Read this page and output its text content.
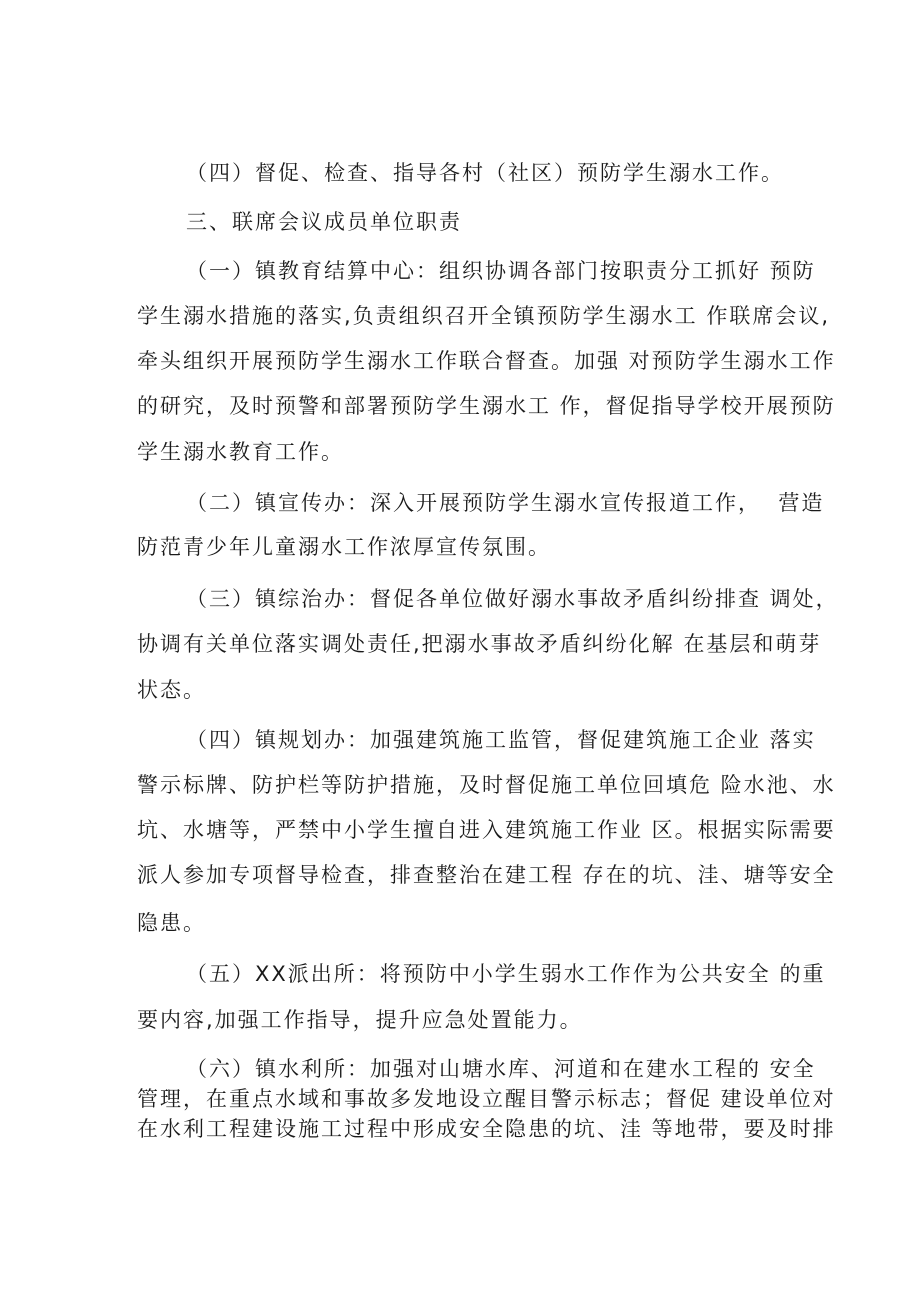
（四）督促、检查、指导各村（社区）预防学生溺水工作。
三、联席会议成员单位职责
（一）镇教育结算中心：组织协调各部门按职责分工抓好 预防
学生溺水措施的落实,负责组织召开全镇预防学生溺水工 作联席会议,
牵头组织开展预防学生溺水工作联合督查。加强 对预防学生溺水工作
的研究，及时预警和部署预防学生溺水工 作，督促指导学校开展预防
学生溺水教育工作。
（二）镇宣传办：深入开展预防学生溺水宣传报道工作，  营造
防范青少年儿童溺水工作浓厚宣传氛围。
（三）镇综治办：督促各单位做好溺水事故矛盾纠纷排查 调处，
协调有关单位落实调处责任,把溺水事故矛盾纠纷化解 在基层和萌芽
状态。
（四）镇规划办：加强建筑施工监管，督促建筑施工企业 落实
警示标牌、防护栏等防护措施，及时督促施工单位回填危 险水池、水
坑、水塘等，严禁中小学生擅自进入建筑施工作业 区。根据实际需要
派人参加专项督导检查，排查整治在建工程 存在的坑、洼、塘等安全
隐患。
（五）XX派出所：将预防中小学生弱水工作作为公共安全 的重
要内容,加强工作指导，提升应急处置能力。
（六）镇水利所：加强对山塘水库、河道和在建水工程的 安全
管理，在重点水域和事故多发地设立醒目警示标志；督促 建设单位对
在水利工程建设施工过程中形成安全隐患的坑、洼 等地带，要及时排
